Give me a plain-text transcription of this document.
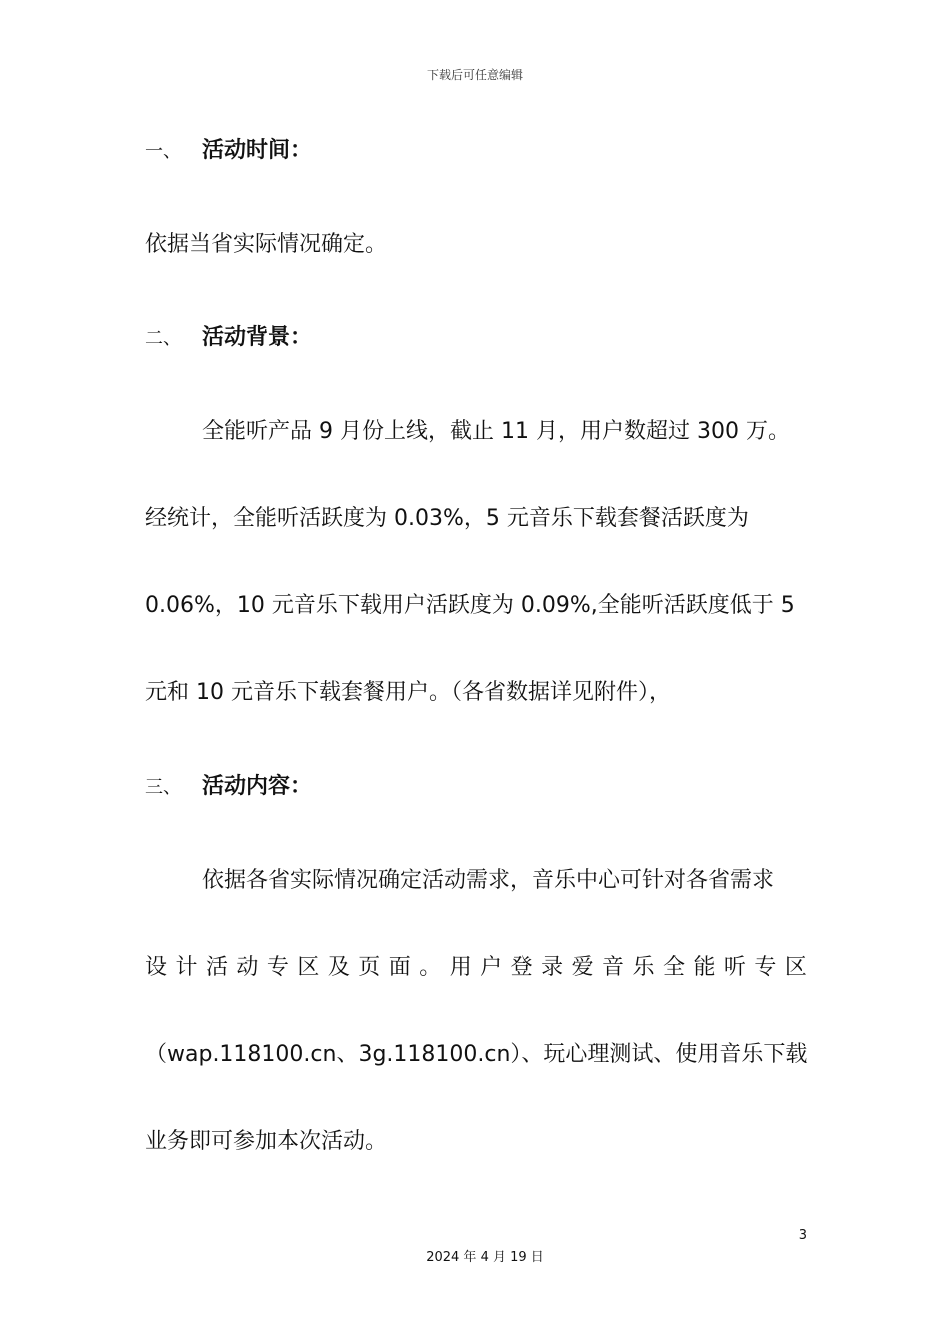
下载后可任意编辑
一、 活动时间：
依据当省实际情况确定。
二、 活动背景：
全能听产品 9 月份上线，截止 11 月，用户数超过 300 万。
经统计，全能听活跃度为 0.03%，5 元音乐下载套餐活跃度为
0.06%，10 元音乐下载用户活跃度为 0.09%,全能听活跃度低于 5
元和 10 元音乐下载套餐用户。（各省数据详见附件），
三、 活动内容：
依据各省实际情况确定活动需求，音乐中心可针对各省需求
设 计 活 动 专 区 及 页 面 。 用 户 登 录 爱 音 乐 全 能 听 专 区
（wap.118100.cn、3g.118100.cn）、玩心理测试、使用音乐下载
业务即可参加本次活动。
3
2024 年 4 月 19 日
